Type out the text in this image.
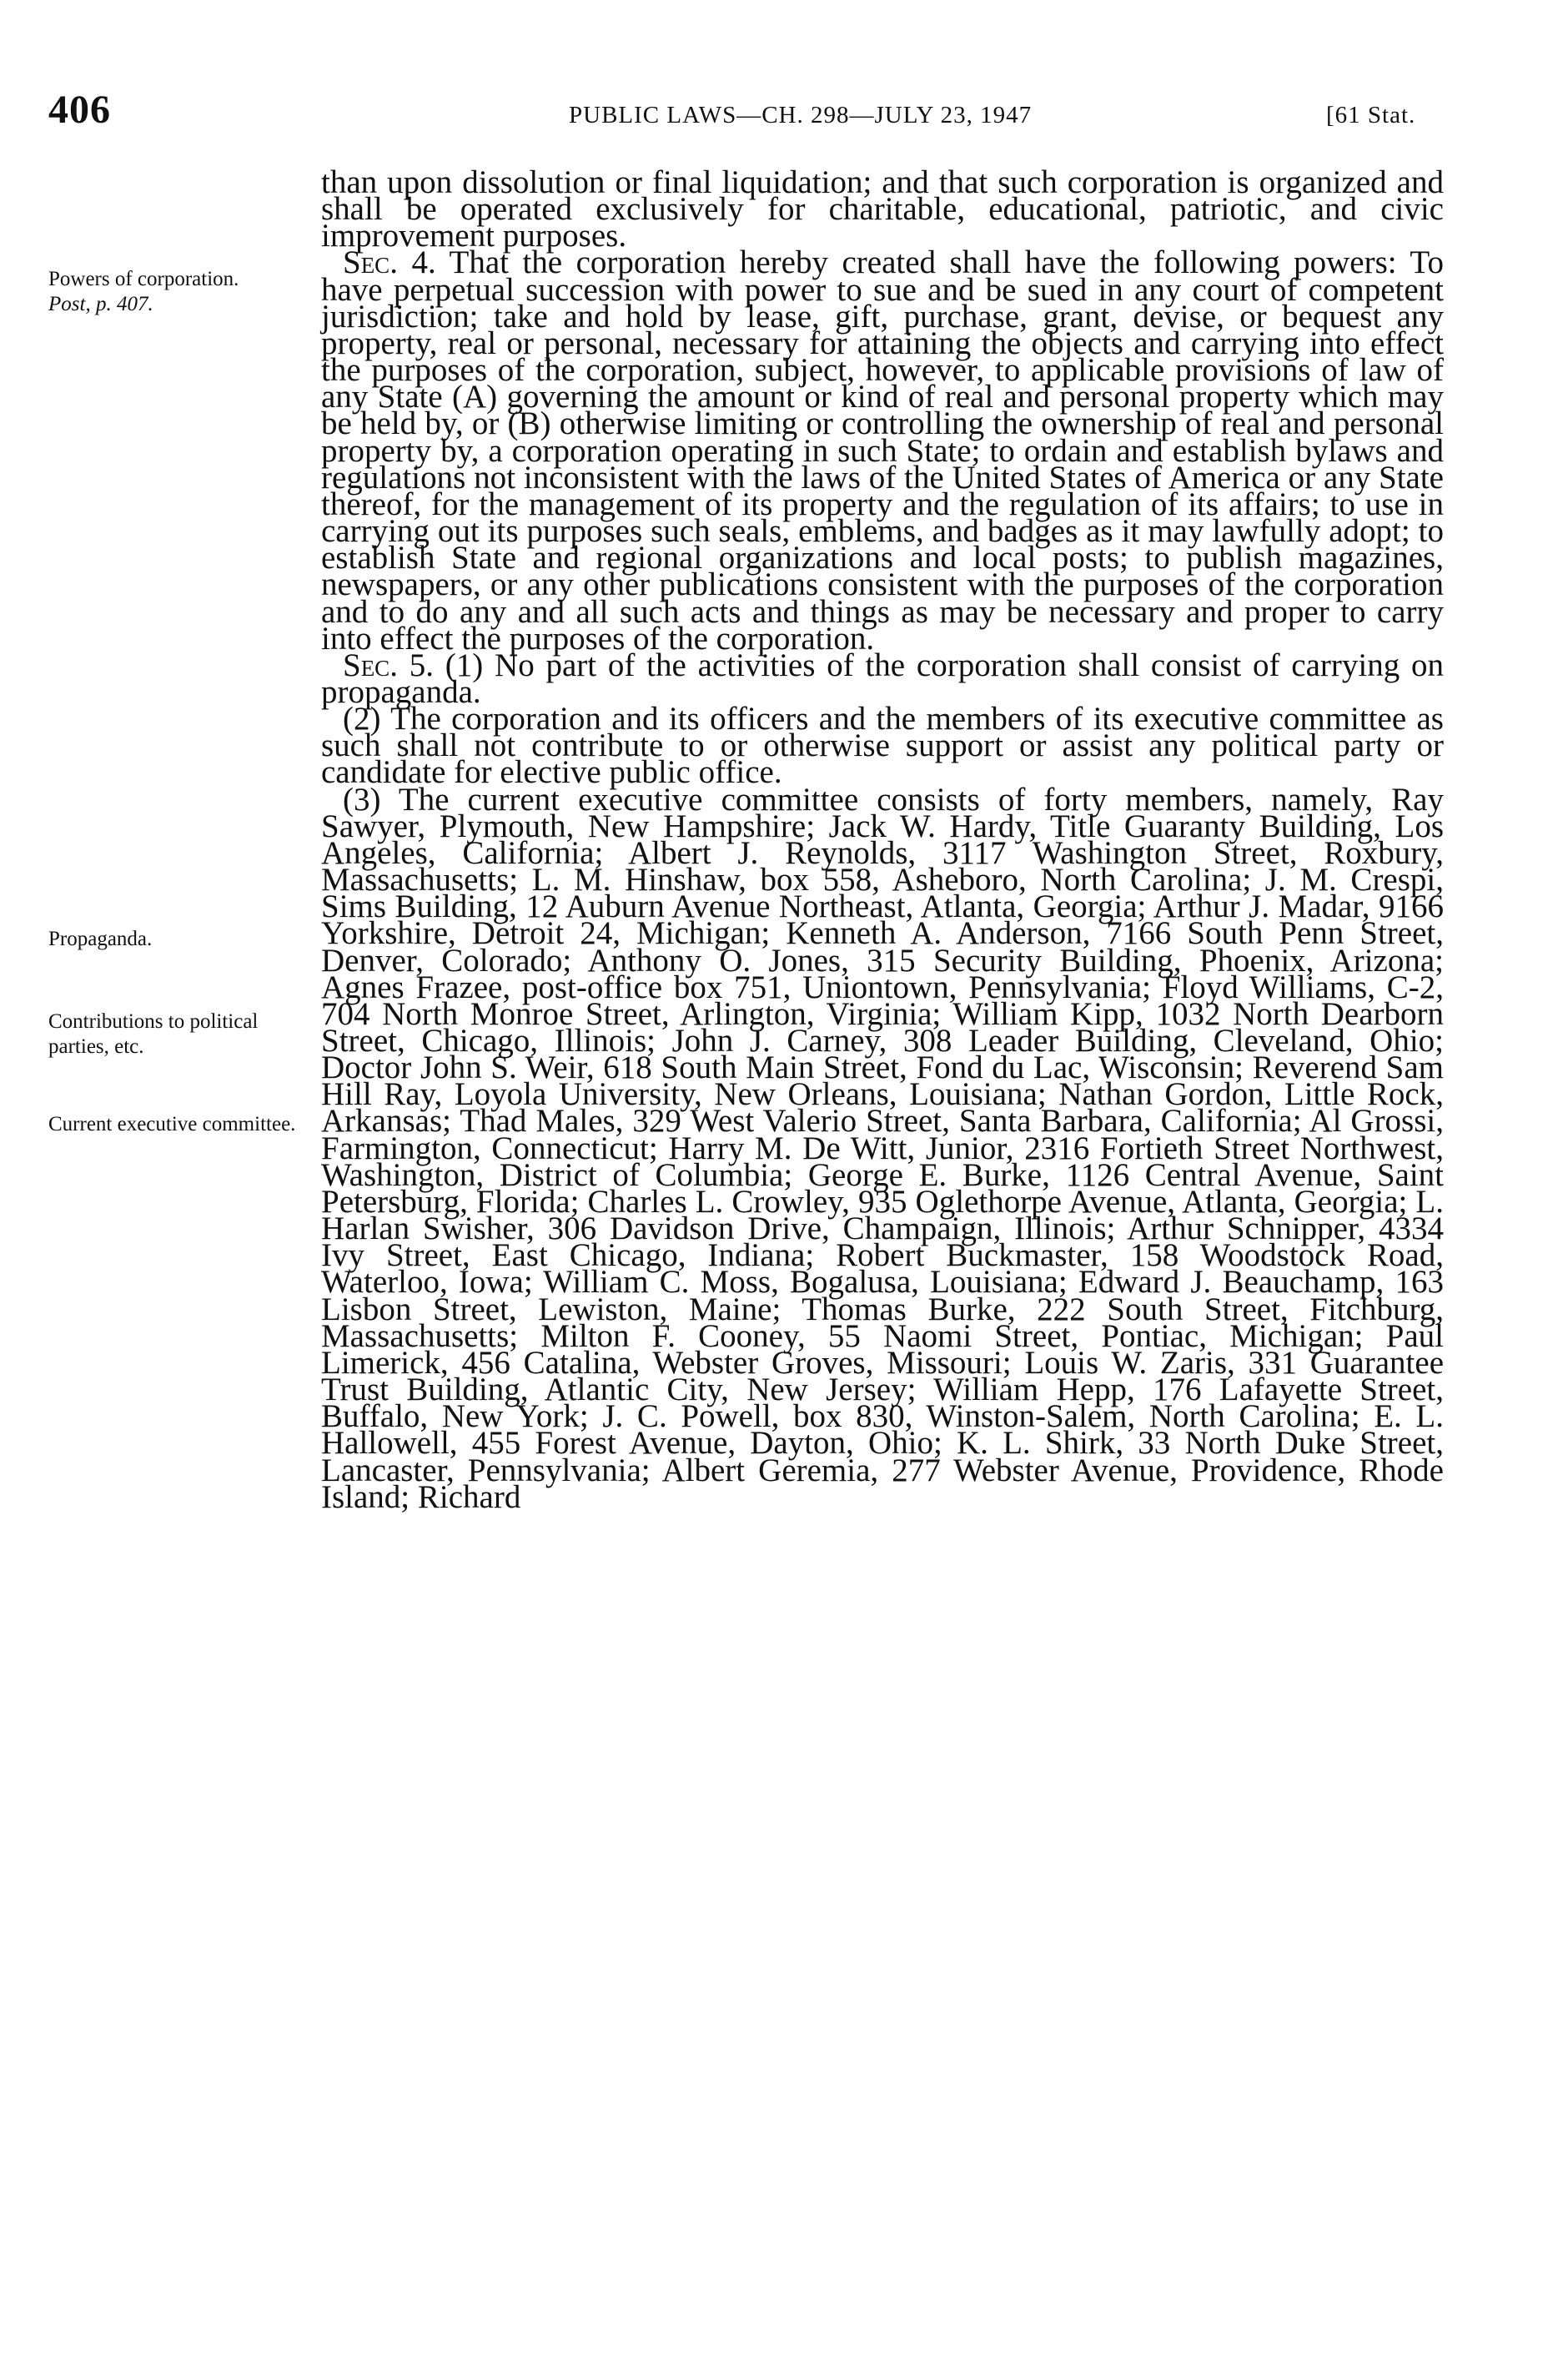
406	PUBLIC LAWS—CH. 298—JULY 23, 1947	[61 Stat.
Powers of corporation.
Post, p. 407.
Propaganda.
Contributions to political parties, etc.
Current executive committee.

than upon dissolution or final liquidation; and that such corporation is organized and shall be operated exclusively for charitable, educational, patriotic, and civic improvement purposes.

Sec. 4. That the corporation hereby created shall have the following powers: To have perpetual succession with power to sue and be sued in any court of competent jurisdiction; take and hold by lease, gift, purchase, grant, devise, or bequest any property, real or personal, necessary for attaining the objects and carrying into effect the purposes of the corporation, subject, however, to applicable provisions of law of any State (A) governing the amount or kind of real and personal property which may be held by, or (B) otherwise limiting or controlling the ownership of real and personal property by, a corporation operating in such State; to ordain and establish bylaws and regulations not inconsistent with the laws of the United States of America or any State thereof, for the management of its property and the regulation of its affairs; to use in carrying out its purposes such seals, emblems, and badges as it may lawfully adopt; to establish State and regional organizations and local posts; to publish magazines, newspapers, or any other publications consistent with the purposes of the corporation and to do any and all such acts and things as may be necessary and proper to carry into effect the purposes of the corporation.

Sec. 5. (1) No part of the activities of the corporation shall consist of carrying on propaganda.

(2) The corporation and its officers and the members of its executive committee as such shall not contribute to or otherwise support or assist any political party or candidate for elective public office.

(3) The current executive committee consists of forty members, namely, Ray Sawyer, Plymouth, New Hampshire; Jack W. Hardy, Title Guaranty Building, Los Angeles, California; Albert J. Reynolds, 3117 Washington Street, Roxbury, Massachusetts; L. M. Hinshaw, box 558, Asheboro, North Carolina; J. M. Crespi, Sims Building, 12 Auburn Avenue Northeast, Atlanta, Georgia; Arthur J. Madar, 9166 Yorkshire, Detroit 24, Michigan; Kenneth A. Anderson, 7166 South Penn Street, Denver, Colorado; Anthony O. Jones, 315 Security Building, Phoenix, Arizona; Agnes Frazee, post-office box 751, Uniontown, Pennsylvania; Floyd Williams, C-2, 704 North Monroe Street, Arlington, Virginia; William Kipp, 1032 North Dearborn Street, Chicago, Illinois; John J. Carney, 308 Leader Building, Cleveland, Ohio; Doctor John S. Weir, 618 South Main Street, Fond du Lac, Wisconsin; Reverend Sam Hill Ray, Loyola University, New Orleans, Louisiana; Nathan Gordon, Little Rock, Arkansas; Thad Males, 329 West Valerio Street, Santa Barbara, California; Al Grossi, Farmington, Connecticut; Harry M. De Witt, Junior, 2316 Fortieth Street Northwest, Washington, District of Columbia; George E. Burke, 1126 Central Avenue, Saint Petersburg, Florida; Charles L. Crowley, 935 Oglethorpe Avenue, Atlanta, Georgia; L. Harlan Swisher, 306 Davidson Drive, Champaign, Illinois; Arthur Schnipper, 4334 Ivy Street, East Chicago, Indiana; Robert Buckmaster, 158 Woodstock Road, Waterloo, Iowa; William C. Moss, Bogalusa, Louisiana; Edward J. Beauchamp, 163 Lisbon Street, Lewiston, Maine; Thomas Burke, 222 South Street, Fitchburg, Massachusetts; Milton F. Cooney, 55 Naomi Street, Pontiac, Michigan; Paul Limerick, 456 Catalina, Webster Groves, Missouri; Louis W. Zaris, 331 Guarantee Trust Building, Atlantic City, New Jersey; William Hepp, 176 Lafayette Street, Buffalo, New York; J. C. Powell, box 830, Winston-Salem, North Carolina; E. L. Hallowell, 455 Forest Avenue, Dayton, Ohio; K. L. Shirk, 33 North Duke Street, Lancaster, Pennsylvania; Albert Geremia, 277 Webster Avenue, Providence, Rhode Island; Richard
